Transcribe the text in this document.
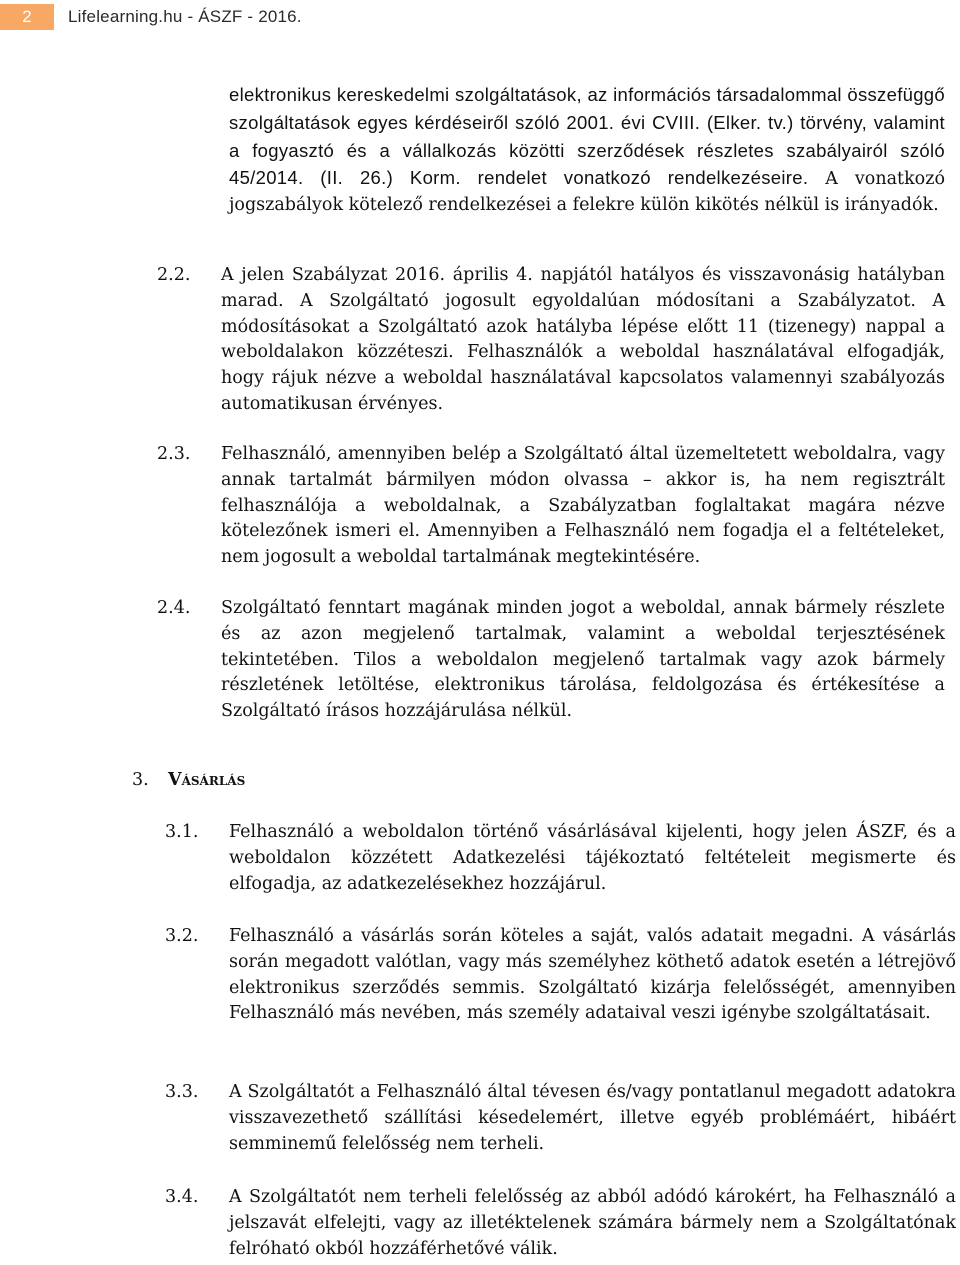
2	Lifelearning.hu - ÁSZF - 2016.

elektronikus kereskedelmi szolgáltatások, az információs társadalommal összefüggő szolgáltatások egyes kérdéseiről szóló 2001. évi CVIII. (Elker. tv.) törvény, valamint a fogyasztó és a vállalkozás közötti szerződések részletes szabályairól szóló 45/2014. (II. 26.) Korm. rendelet vonatkozó rendelkezéseire. A vonatkozó jogszabályok kötelező rendelkezései a felekre külön kikötés nélkül is irányadók.

2.2. A jelen Szabályzat 2016. április 4. napjától hatályos és visszavonásig hatályban marad. A Szolgáltató jogosult egyoldalúan módosítani a Szabályzatot. A módosításokat a Szolgáltató azok hatályba lépése előtt 11 (tizenegy) nappal a weboldalakon közzéteszi. Felhasználók a weboldal használatával elfogadják, hogy rájuk nézve a weboldal használatával kapcsolatos valamennyi szabályozás automatikusan érvényes.

2.3. Felhasználó, amennyiben belép a Szolgáltató által üzemeltetett weboldalra, vagy annak tartalmát bármilyen módon olvassa – akkor is, ha nem regisztrált felhasználója a weboldalnak, a Szabályzatban foglaltakat magára nézve kötelezőnek ismeri el. Amennyiben a Felhasználó nem fogadja el a feltételeket, nem jogosult a weboldal tartalmának megtekintésére.

2.4. Szolgáltató fenntart magának minden jogot a weboldal, annak bármely részlete és az azon megjelenő tartalmak, valamint a weboldal terjesztésének tekintetében. Tilos a weboldalon megjelenő tartalmak vagy azok bármely részletének letöltése, elektronikus tárolása, feldolgozása és értékesítése a Szolgáltató írásos hozzájárulása nélkül.

3. Vásárlás

3.1. Felhasználó a weboldalon történő vásárlásával kijelenti, hogy jelen ÁSZF, és a weboldalon közzétett Adatkezelési tájékoztató feltételeit megismerte és elfogadja, az adatkezelésekhez hozzájárul.

3.2. Felhasználó a vásárlás során köteles a saját, valós adatait megadni. A vásárlás során megadott valótlan, vagy más személyhez köthető adatok esetén a létrejövő elektronikus szerződés semmis. Szolgáltató kizárja felelősségét, amennyiben Felhasználó más nevében, más személy adataival veszi igénybe szolgáltatásait.

3.3. A Szolgáltatót a Felhasználó által tévesen és/vagy pontatlanul megadott adatokra visszavezethető szállítási késedelemért, illetve egyéb problémáért, hibáért semminemű felelősség nem terheli.

3.4. A Szolgáltatót nem terheli felelősség az abból adódó károkért, ha Felhasználó a jelszavát elfelejti, vagy az illetéktelenek számára bármely nem a Szolgáltatónak felróható okból hozzáférhetővé válik.
